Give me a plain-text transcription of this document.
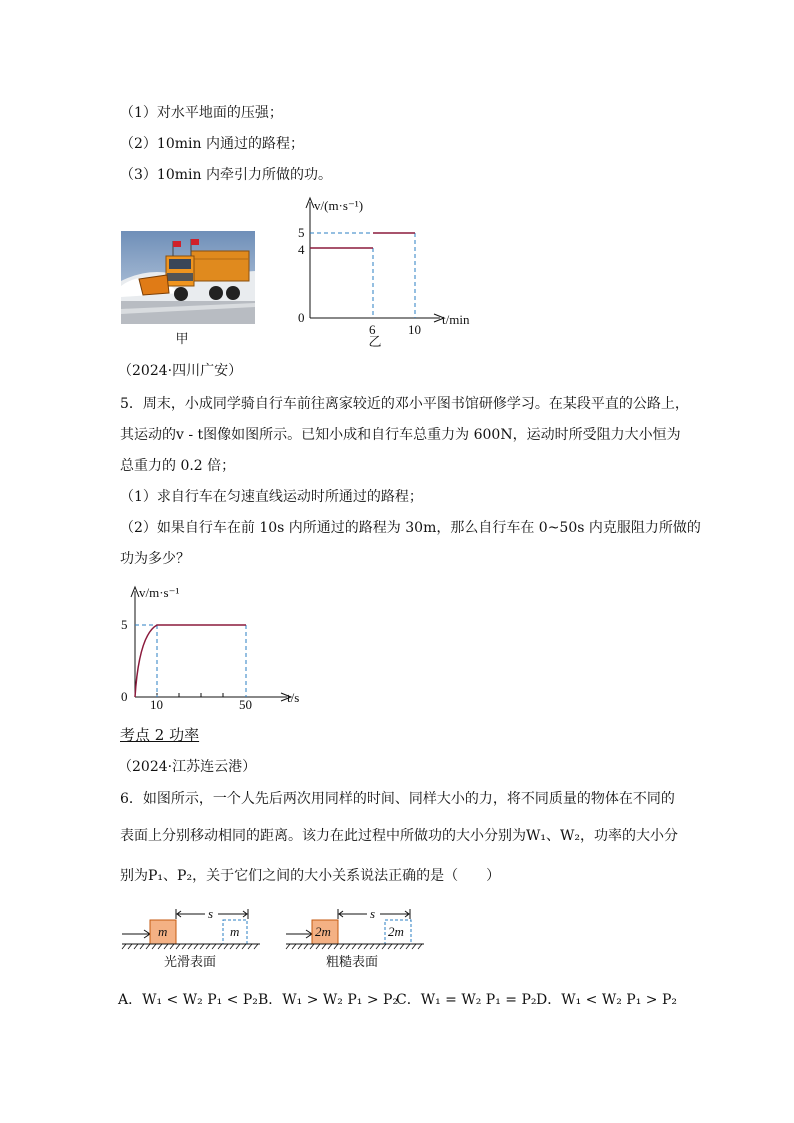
（1）对水平地面的压强；
（2）10min 内通过的路程；
（3）10min 内牵引力所做的功。
甲
v/(m·s⁻¹)
5
4
0
6	10
t/min
乙
（2024·四川广安）
5．周末，小成同学骑自行车前往离家较近的邓小平图书馆研修学习。在某段平直的公路上，
其运动的v - t图像如图所示。已知小成和自行车总重力为 600N，运动时所受阻力大小恒为
总重力的 0.2 倍；
（1）求自行车在匀速直线运动时所通过的路程；
（2）如果自行车在前 10s 内所通过的路程为 30m，那么自行车在 0~50s 内克服阻力所做的
功为多少？
v/m·s⁻¹
5
0
10	50	t/s
考点 2 功率
（2024·江苏连云港）
6．如图所示，一个人先后两次用同样的时间、同样大小的力，将不同质量的物体在不同的
表面上分别移动相同的距离。该力在此过程中所做功的大小分别为W₁、W₂，功率的大小分
别为P₁、P₂，关于它们之间的大小关系说法正确的是（　　）
m	m
s
光滑表面
2m	2m
s
粗糙表面
A．W₁ < W₂ P₁ < P₂ B．W₁ > W₂ P₁ > P₂
C．W₁ = W₂ P₁ = P₂ D．W₁ < W₂ P₁ > P₂
